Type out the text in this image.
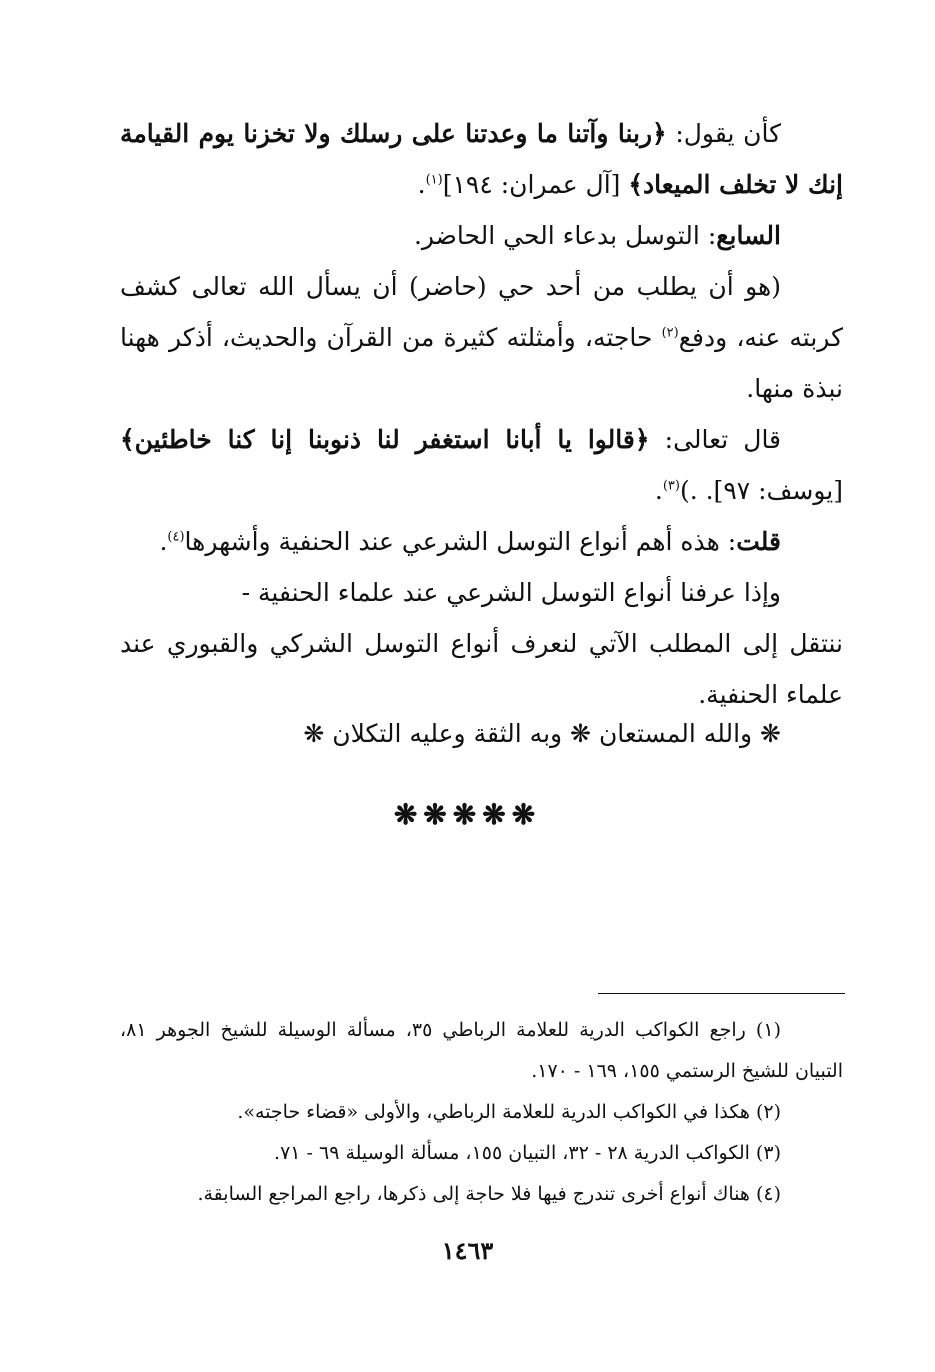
كأن يقول: ﴿ربنا وآتنا ما وعدتنا على رسلك ولا تخزنا يوم القيامة إنك لا تخلف الميعاد﴾ [آل عمران: ١٩٤]$^{(١)}$.

السابع: التوسل بدعاء الحي الحاضر.

(هو أن يطلب من أحد حي (حاضر) أن يسأل الله تعالى كشف كربته عنه، ودفع$^{(٢)}$ حاجته، وأمثلته كثيرة من القرآن والحديث، أذكر ههنا نبذة منها.

قال تعالى: ﴿قالوا يا أبانا استغفر لنا ذنوبنا إنا كنا خاطئين﴾ [يوسف: ٩٧]. .)$^{(٣)}$.

قلت: هذه أهم أنواع التوسل الشرعي عند الحنفية وأشهرها$^{(٤)}$.

وإذا عرفنا أنواع التوسل الشرعي عند علماء الحنفية -

ننتقل إلى المطلب الآتي لنعرف أنواع التوسل الشركي والقبوري عند علماء الحنفية.

❋ والله المستعان ❋ وبه الثقة وعليه التكلان ❋
❋❋❋❋❋

(١) راجع الكواكب الدرية للعلامة الرباطي ٣٥، مسألة الوسيلة للشيخ الجوهر ٨١، التبيان للشيخ الرستمي ١٥٥، ١٦٩ - ١٧٠.

(٢) هكذا في الكواكب الدرية للعلامة الرباطي، والأولى «قضاء حاجته».

(٣) الكواكب الدرية ٢٨ - ٣٢، التبيان ١٥٥، مسألة الوسيلة ٦٩ - ٧١.

(٤) هناك أنواع أخرى تندرج فيها فلا حاجة إلى ذكرها، راجع المراجع السابقة.

١٤٦٣
